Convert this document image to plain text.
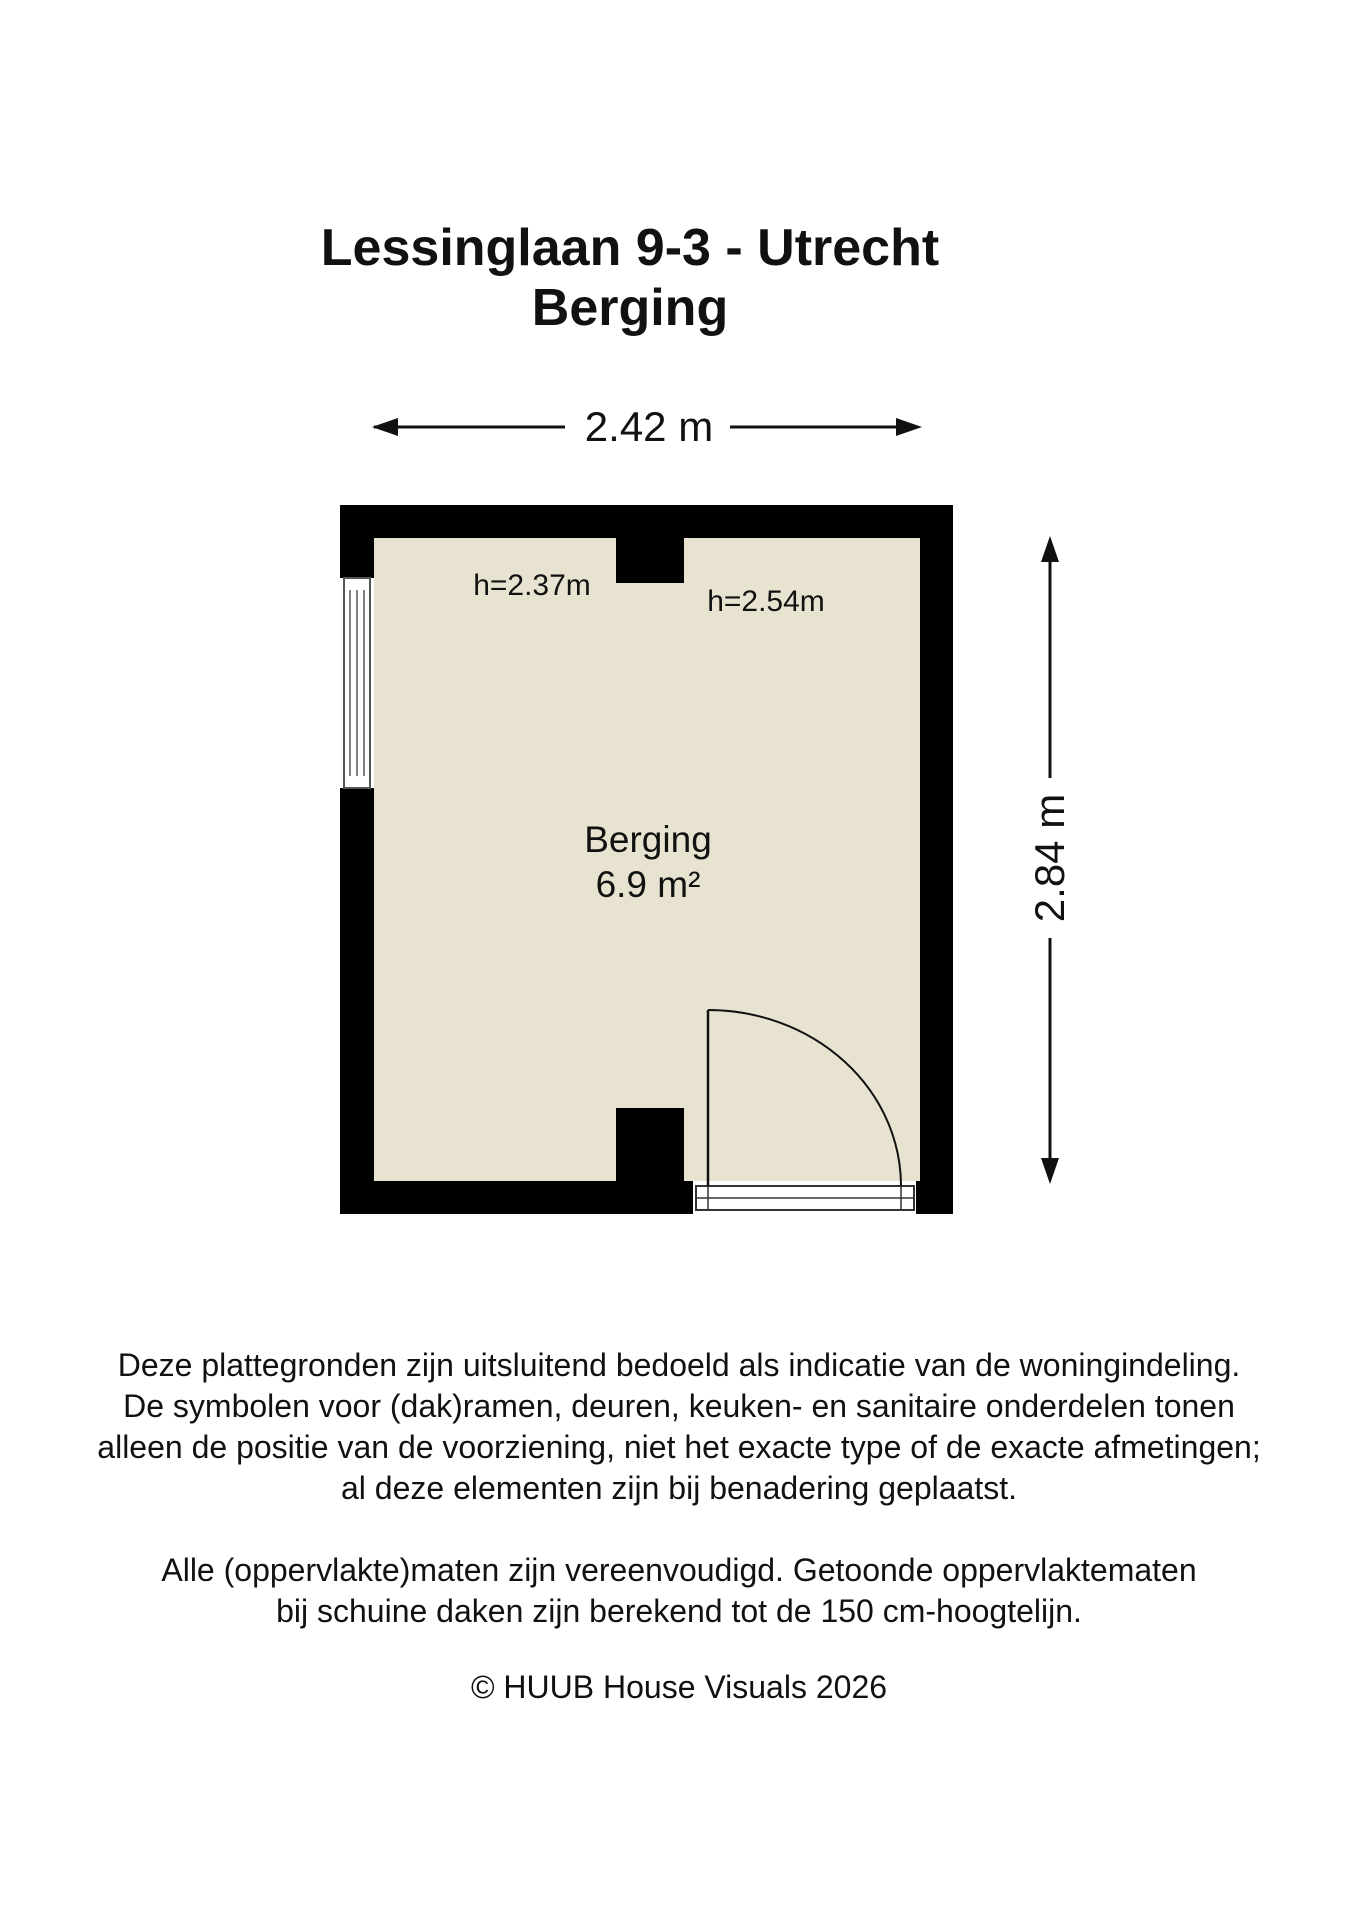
Lessinglaan 9-3 - Utrecht
Berging
2.42 m
2.84 m
h=2.37m	h=2.54m
Berging
6.9 m²
Deze plattegronden zijn uitsluitend bedoeld als indicatie van de woningindeling.
De symbolen voor (dak)ramen, deuren, keuken- en sanitaire onderdelen tonen
alleen de positie van de voorziening, niet het exacte type of de exacte afmetingen;
al deze elementen zijn bij benadering geplaatst.
Alle (oppervlakte)maten zijn vereenvoudigd. Getoonde oppervlaktematen
bij schuine daken zijn berekend tot de 150 cm-hoogtelijn.
© HUUB House Visuals 2026
